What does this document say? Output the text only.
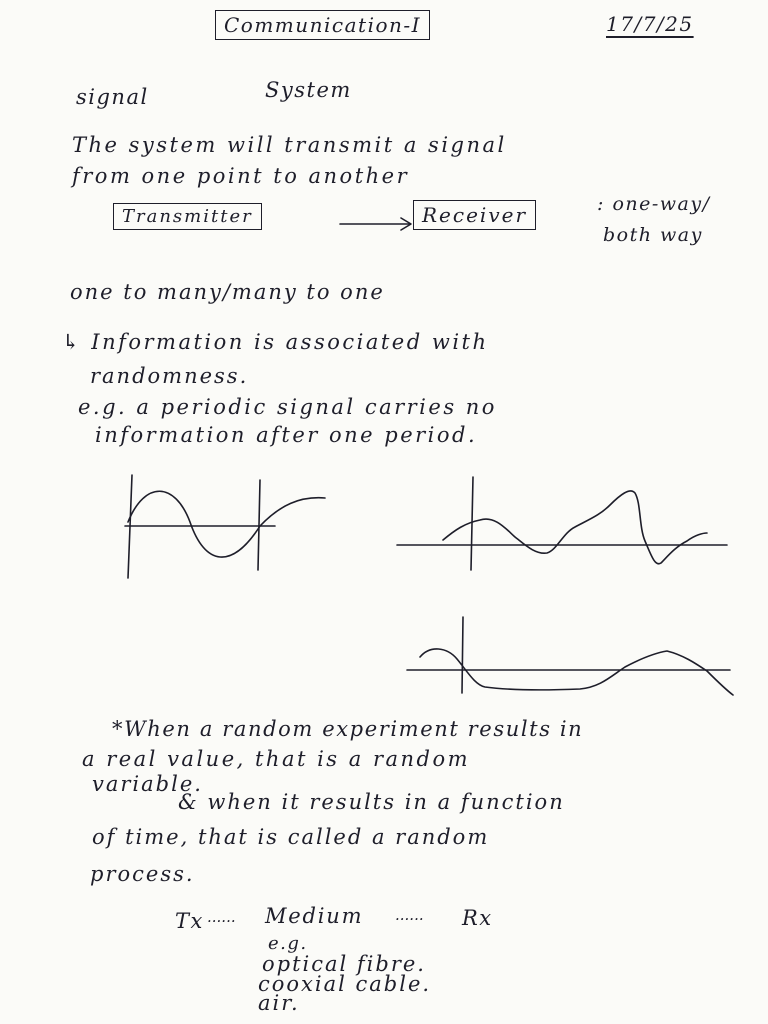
Communication-I	17/7/25
signal	System
The system will transmit a signal
from one point to another
Transmitter	Receiver	: one-way/
both way
one to many/many to one
↳ Information is associated with
randomness.
e.g. a periodic signal carries no
information after one period.
*When a random experiment results in
a real value, that is a random
variable.
& when it results in a function
of time, that is called a random
process.
Tx ...... Medium ...... Rx
e.g.
optical fibre.
cooxial cable.
air.
